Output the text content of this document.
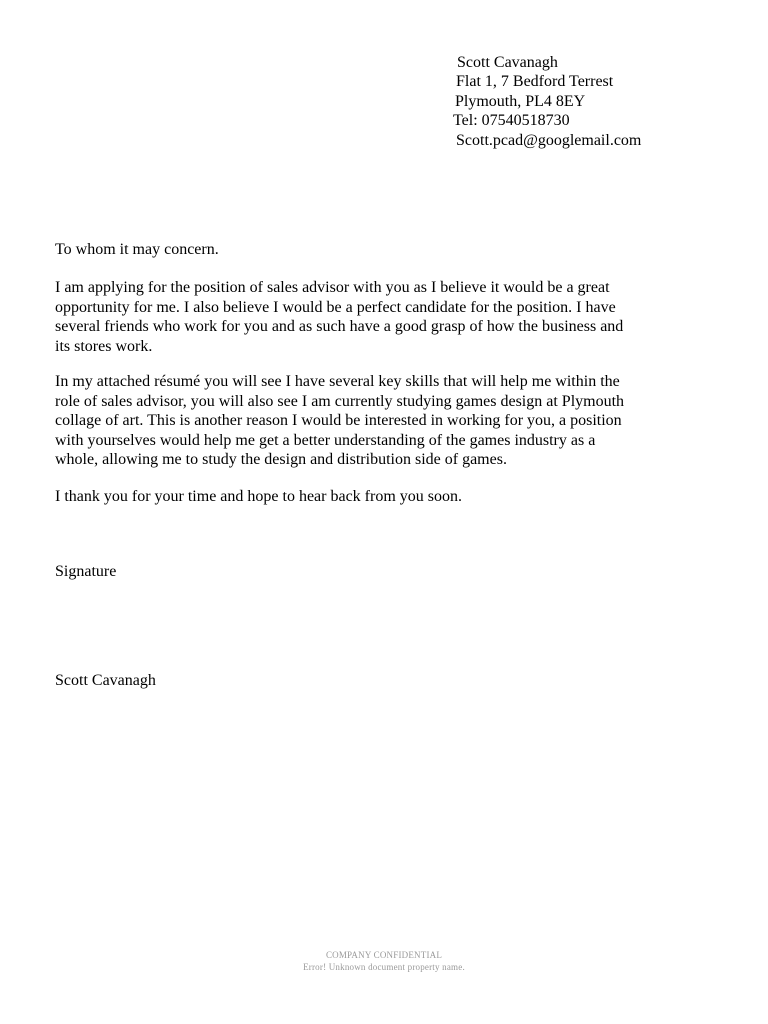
Scott Cavanagh
Flat 1, 7 Bedford Terrest
Plymouth, PL4 8EY
Tel: 07540518730
Scott.pcad@googlemail.com
To whom it may concern.
I am applying for the position of sales advisor with you as I believe it would be a great
opportunity for me. I also believe I would be a perfect candidate for the position. I have
several friends who work for you and as such have a good grasp of how the business and
its stores work.
In my attached résumé you will see I have several key skills that will help me within the
role of sales advisor, you will also see I am currently studying games design at Plymouth
collage of art. This is another reason I would be interested in working for you, a position
with yourselves would help me get a better understanding of the games industry as a
whole, allowing me to study the design and distribution side of games.
I thank you for your time and hope to hear back from you soon.
Signature
Scott Cavanagh
COMPANY CONFIDENTIAL
Error! Unknown document property name.
